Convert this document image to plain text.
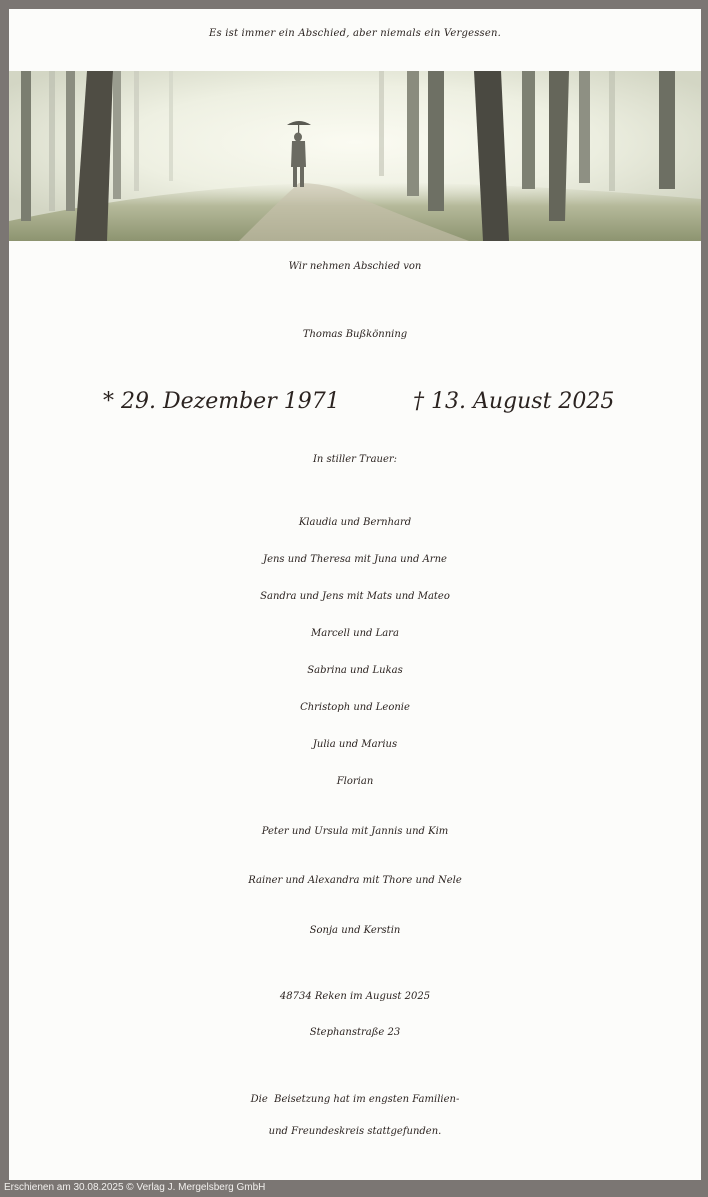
Es ist immer ein Abschied, aber niemals ein Vergessen.
Wir nehmen Abschied von
Thomas Bußkönning
* 29. Dezember 1971	† 13. August 2025
In stiller Trauer:
Klaudia und Bernhard
Jens und Theresa mit Juna und Arne
Sandra und Jens mit Mats und Mateo
Marcell und Lara
Sabrina und Lukas
Christoph und Leonie
Julia und Marius
Florian
Peter und Ursula mit Jannis und Kim
Rainer und Alexandra mit Thore und Nele
Sonja und Kerstin
48734 Reken im August 2025
Stephanstraße 23
Die  Beisetzung hat im engsten Familien-
und Freundeskreis stattgefunden.
Erschienen am 30.08.2025 © Verlag J. Mergelsberg GmbH
